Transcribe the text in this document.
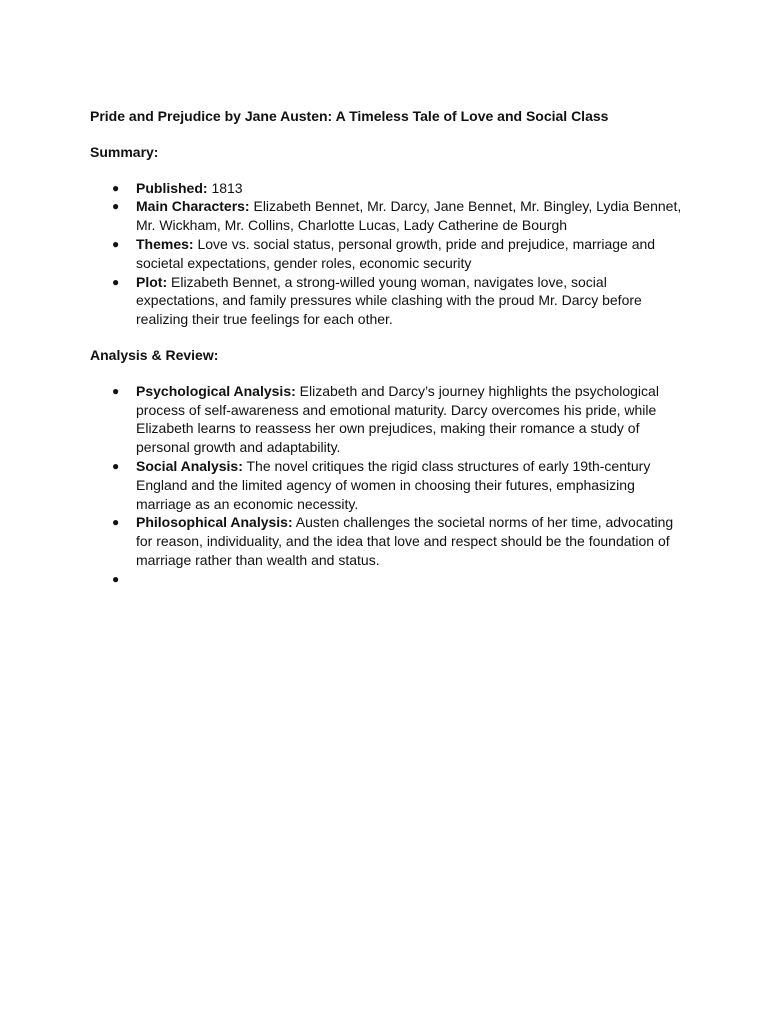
Pride and Prejudice by Jane Austen: A Timeless Tale of Love and Social Class

Summary:

● Published: 1813
● Main Characters: Elizabeth Bennet, Mr. Darcy, Jane Bennet, Mr. Bingley, Lydia Bennet, Mr. Wickham, Mr. Collins, Charlotte Lucas, Lady Catherine de Bourgh
● Themes: Love vs. social status, personal growth, pride and prejudice, marriage and societal expectations, gender roles, economic security
● Plot: Elizabeth Bennet, a strong-willed young woman, navigates love, social expectations, and family pressures while clashing with the proud Mr. Darcy before realizing their true feelings for each other.

Analysis & Review:

● Psychological Analysis: Elizabeth and Darcy’s journey highlights the psychological process of self-awareness and emotional maturity. Darcy overcomes his pride, while Elizabeth learns to reassess her own prejudices, making their romance a study of personal growth and adaptability.
● Social Analysis: The novel critiques the rigid class structures of early 19th-century England and the limited agency of women in choosing their futures, emphasizing marriage as an economic necessity.
● Philosophical Analysis: Austen challenges the societal norms of her time, advocating for reason, individuality, and the idea that love and respect should be the foundation of marriage rather than wealth and status.
●
